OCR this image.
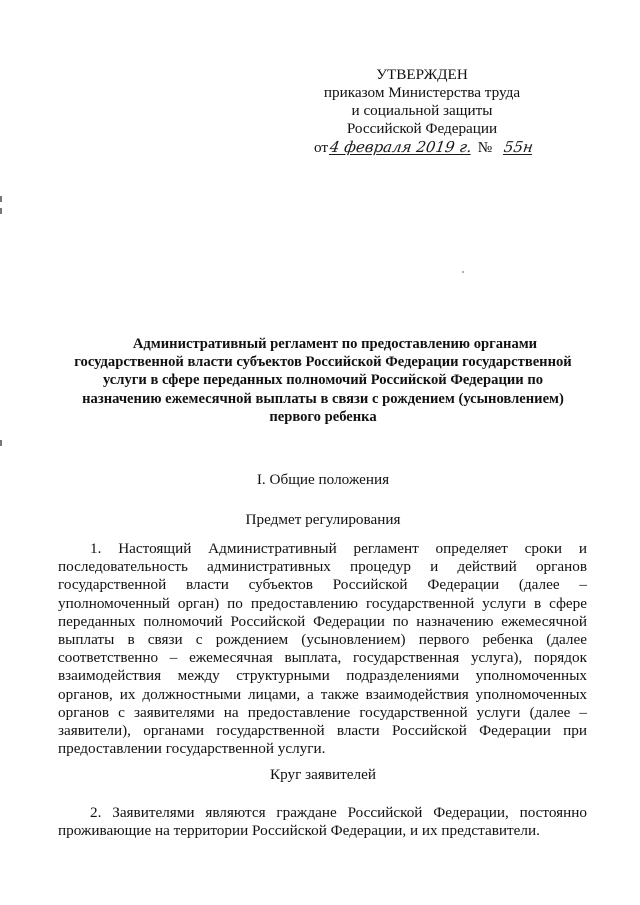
УТВЕРЖДЕН
приказом Министерства труда
и социальной защиты
Российской Федерации
от4 февраля 2019 г. № 55н
Административный регламент по предоставлению органами
государственной власти субъектов Российской Федерации государственной
услуги в сфере переданных полномочий Российской Федерации по
назначению ежемесячной выплаты в связи с рождением (усыновлением)
первого ребенка
I. Общие положения
Предмет регулирования
1. Настоящий Административный регламент определяет сроки и
последовательность административных процедур и действий органов
государственной власти субъектов Российской Федерации (далее –
уполномоченный орган) по предоставлению государственной услуги в сфере
переданных полномочий Российской Федерации по назначению ежемесячной
выплаты в связи с рождением (усыновлением) первого ребенка (далее
соответственно – ежемесячная выплата, государственная услуга), порядок
взаимодействия между структурными подразделениями уполномоченных
органов, их должностными лицами, а также взаимодействия уполномоченных
органов с заявителями на предоставление государственной услуги (далее –
заявители), органами государственной власти Российской Федерации при
предоставлении государственной услуги.
Круг заявителей
2. Заявителями являются граждане Российской Федерации, постоянно
проживающие на территории Российской Федерации, и их представители.
